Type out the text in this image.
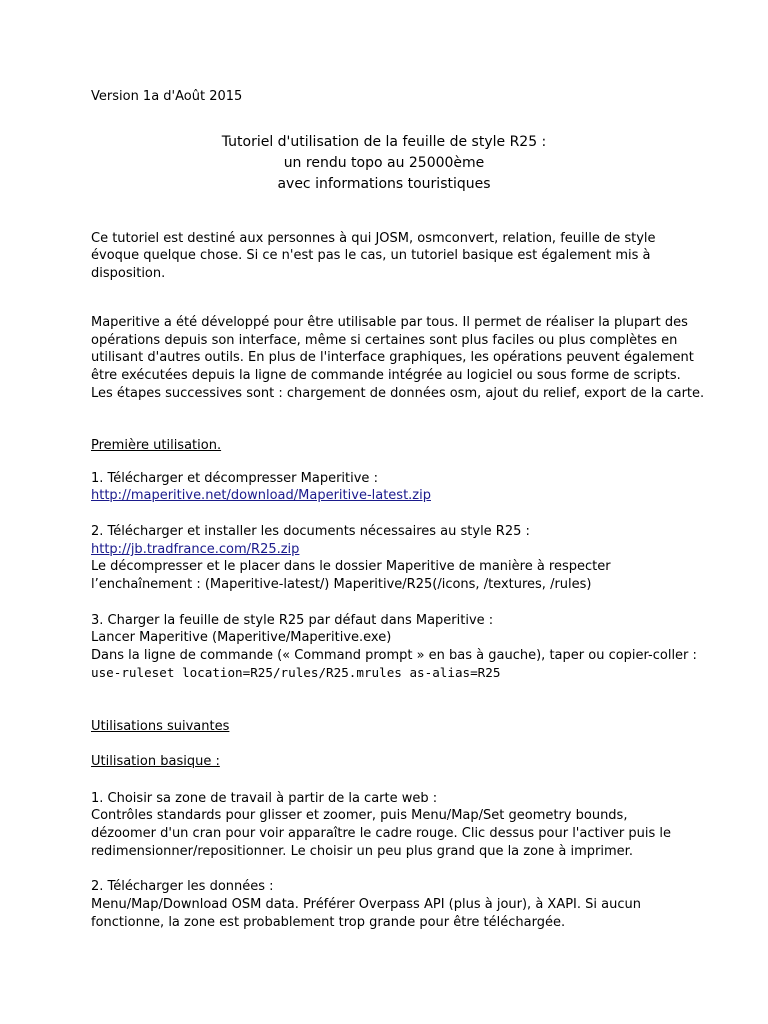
Version 1a d'Août 2015

Tutoriel d'utilisation de la feuille de style R25 :

un rendu topo au 25000ème

avec informations touristiques

Ce tutoriel est destiné aux personnes à qui JOSM, osmconvert, relation, feuille de style

évoque quelque chose. Si ce n'est pas le cas, un tutoriel basique est également mis à

disposition.

Maperitive a été développé pour être utilisable par tous. Il permet de réaliser la plupart des

opérations depuis son interface, même si certaines sont plus faciles ou plus complètes en

utilisant d'autres outils. En plus de l'interface graphiques, les opérations peuvent également

être exécutées depuis la ligne de commande intégrée au logiciel ou sous forme de scripts.

Les étapes successives sont : chargement de données osm, ajout du relief, export de la carte.

Première utilisation.

1. Télécharger et décompresser Maperitive :

http://maperitive.net/download/Maperitive-latest.zip

2. Télécharger et installer les documents nécessaires au style R25 :

http://jb.tradfrance.com/R25.zip

Le décompresser et le placer dans le dossier Maperitive de manière à respecter

l’enchaînement : (Maperitive-latest/) Maperitive/R25(/icons, /textures, /rules)

3. Charger la feuille de style R25 par défaut dans Maperitive :

Lancer Maperitive (Maperitive/Maperitive.exe)

Dans la ligne de commande (« Command prompt » en bas à gauche), taper ou copier-coller :

use-ruleset location=R25/rules/R25.mrules as-alias=R25

Utilisations suivantes

Utilisation basique :

1. Choisir sa zone de travail à partir de la carte web :

Contrôles standards pour glisser et zoomer, puis Menu/Map/Set geometry bounds,

dézoomer d'un cran pour voir apparaître le cadre rouge. Clic dessus pour l'activer puis le

redimensionner/repositionner. Le choisir un peu plus grand que la zone à imprimer.

2. Télécharger les données :

Menu/Map/Download OSM data. Préférer Overpass API (plus à jour), à XAPI. Si aucun

fonctionne, la zone est probablement trop grande pour être téléchargée.
